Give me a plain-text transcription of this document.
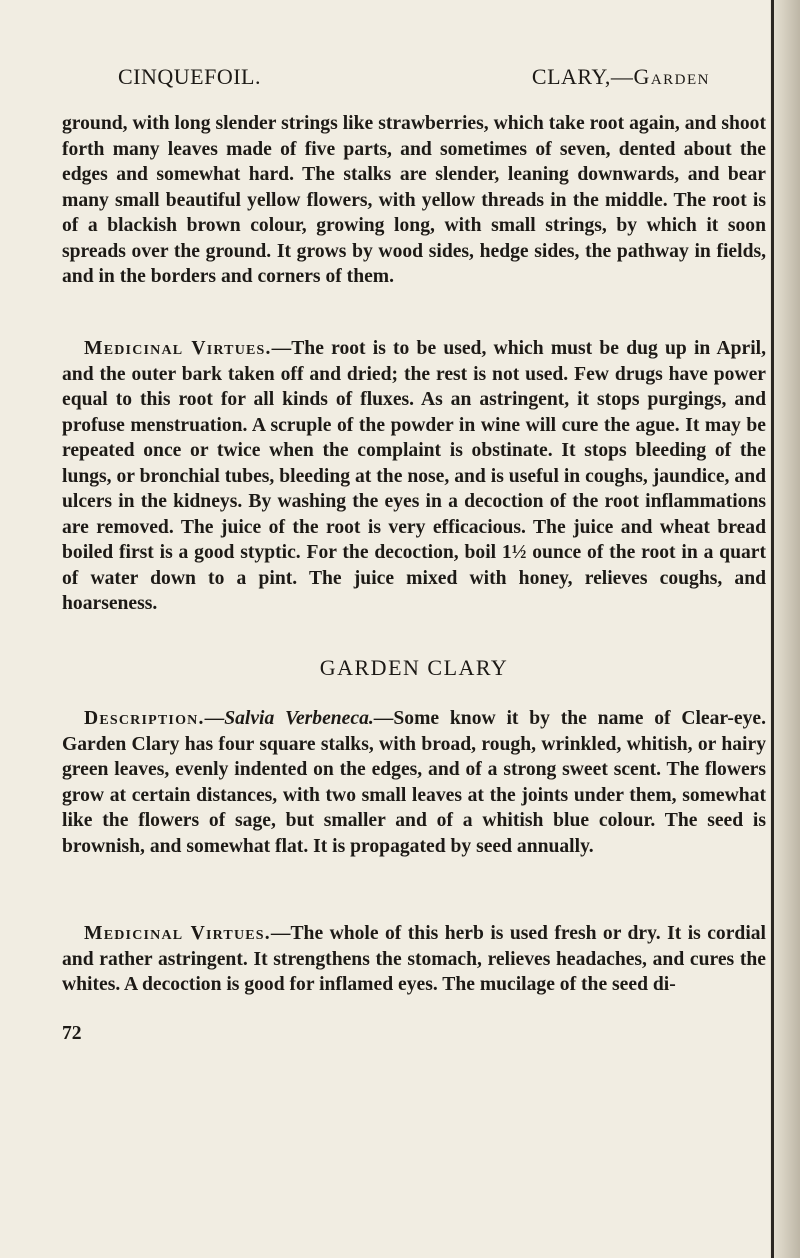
CINQUEFOIL.	CLARY,—Garden

ground, with long slender strings like strawberries, which take root again, and shoot forth many leaves made of five parts, and sometimes of seven, dented about the edges and somewhat hard. The stalks are slender, leaning downwards, and bear many small beautiful yellow flowers, with yellow threads in the middle. The root is of a blackish brown colour, growing long, with small strings, by which it soon spreads over the ground. It grows by wood sides, hedge sides, the pathway in fields, and in the borders and corners of them.

Medicinal Virtues.—The root is to be used, which must be dug up in April, and the outer bark taken off and dried; the rest is not used. Few drugs have power equal to this root for all kinds of fluxes. As an astringent, it stops purgings, and profuse menstruation. A scruple of the powder in wine will cure the ague. It may be repeated once or twice when the complaint is obstinate. It stops bleeding of the lungs, or bronchial tubes, bleeding at the nose, and is useful in coughs, jaundice, and ulcers in the kidneys. By washing the eyes in a decoction of the root inflammations are removed. The juice of the root is very efficacious. The juice and wheat bread boiled first is a good styptic. For the decoction, boil 1½ ounce of the root in a quart of water down to a pint. The juice mixed with honey, relieves coughs, and hoarseness.

GARDEN CLARY

Description.—Salvia Verbeneca.—Some know it by the name of Clear-eye. Garden Clary has four square stalks, with broad, rough, wrinkled, whitish, or hairy green leaves, evenly indented on the edges, and of a strong sweet scent. The flowers grow at certain distances, with two small leaves at the joints under them, somewhat like the flowers of sage, but smaller and of a whitish blue colour. The seed is brownish, and somewhat flat. It is propagated by seed annually.

Medicinal Virtues.—The whole of this herb is used fresh or dry. It is cordial and rather astringent. It strengthens the stomach, relieves headaches, and cures the whites. A decoction is good for inflamed eyes. The mucilage of the seed di-

72
